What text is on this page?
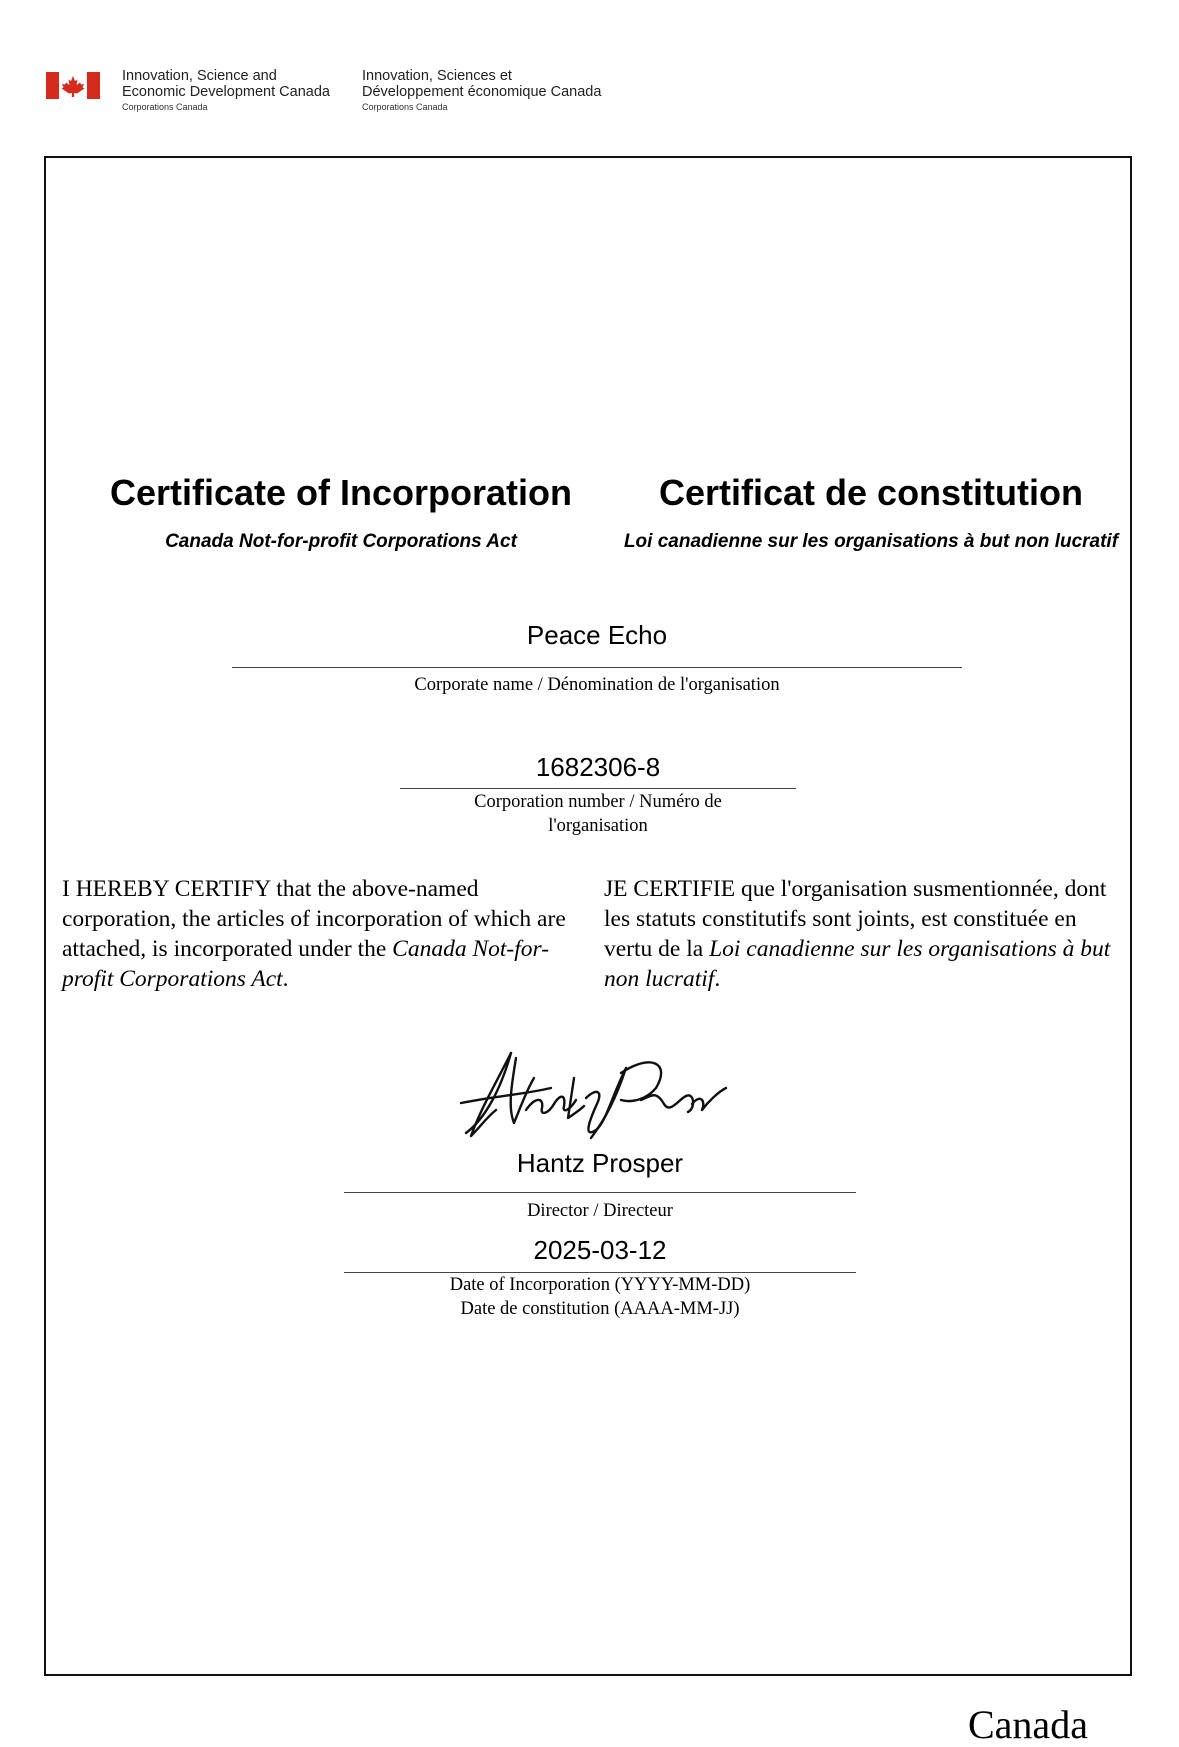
Innovation, Science and
Economic Development Canada
Corporations Canada
Innovation, Sciences et
Développement économique Canada
Corporations Canada
Certificate of Incorporation	Certificat de constitution
Canada Not-for-profit Corporations Act	Loi canadienne sur les organisations à but non lucratif
Peace Echo
Corporate name / Dénomination de l'organisation
1682306-8
Corporation number / Numéro de
l'organisation
I HEREBY CERTIFY that the above-named corporation, the articles of incorporation of which are attached, is incorporated under the Canada Not-for-profit Corporations Act.
JE CERTIFIE que l'organisation susmentionnée, dont les statuts constitutifs sont joints, est constituée en vertu de la Loi canadienne sur les organisations à but non lucratif.
Hantz Prosper
Director / Directeur
2025-03-12
Date of Incorporation (YYYY-MM-DD)
Date de constitution (AAAA-MM-JJ)
Canada
